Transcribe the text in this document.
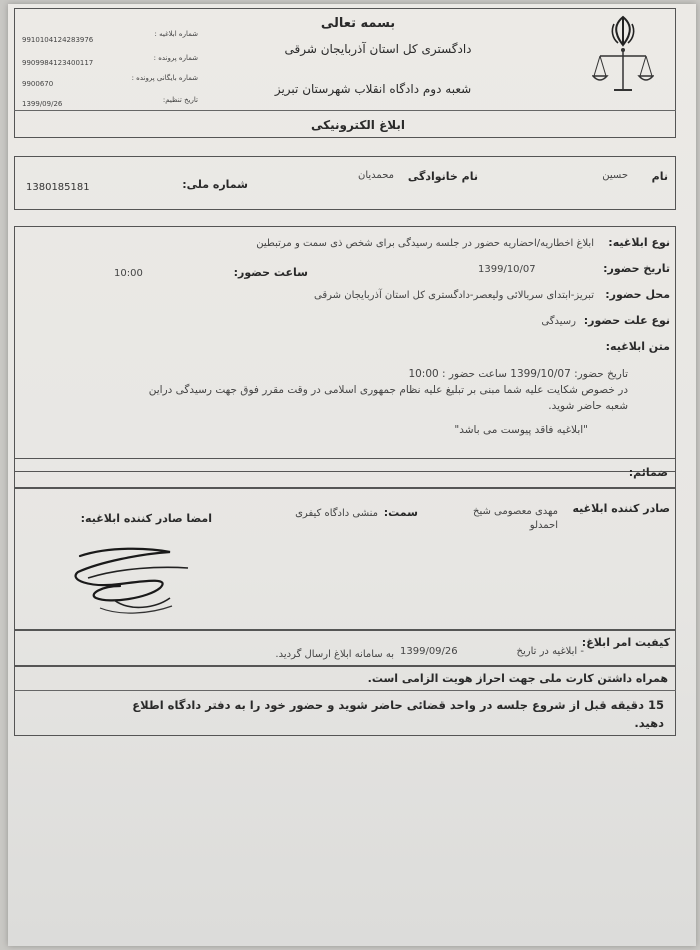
بسمه تعالی
دادگستری کل استان آذربایجان شرقی
شعبه دوم دادگاه انقلاب شهرستان تبریز
ابلاغ الکترونیکی
شماره ابلاغیه :
شماره پرونده :
شماره بایگانی پرونده :
تاریخ تنظیم:
9910104124283976
9909984123400117
9900670
1399/09/26
نام
حسین
نام خانوادگی
محمدیان
شماره ملی:
1380185181
نوع ابلاغیه:
ابلاغ اخطاریه/احضاریه حضور در جلسه رسیدگی برای شخص ذی سمت و مرتبطین
تاریخ حضور:
1399/10/07
ساعت حضور:
10:00
محل حضور:
تبریز-ابتدای سربالائی ولیعصر-دادگستری کل استان آذربایجان شرقی
نوع علت حضور:
رسیدگی
متن ابلاغیه:
تاریخ حضور: 1399/10/07 ساعت حضور : 10:00
در خصوص شکایت علیه شما مبنی بر تبلیغ علیه نظام جمهوری اسلامی در وقت مقرر فوق جهت رسیدگی دراین
شعبه حاضر شوید.
"ابلاغیه فاقد پیوست می باشد"
ضمائم:
صادر کننده ابلاغیه
مهدی معصومی شیخ
احمدلو
سمت:
منشی دادگاه کیفری
امضا صادر کننده ابلاغیه:
کیفیت امر ابلاغ:
- ابلاغیه در تاریخ
1399/09/26
به سامانه ابلاغ ارسال گردید.
همراه داشتن کارت ملی جهت احراز هویت الزامی است.
15 دقیقه قبل از شروع جلسه در واحد قضائی حاضر شوید و حضور خود را به دفتر دادگاه اطلاع دهید.
